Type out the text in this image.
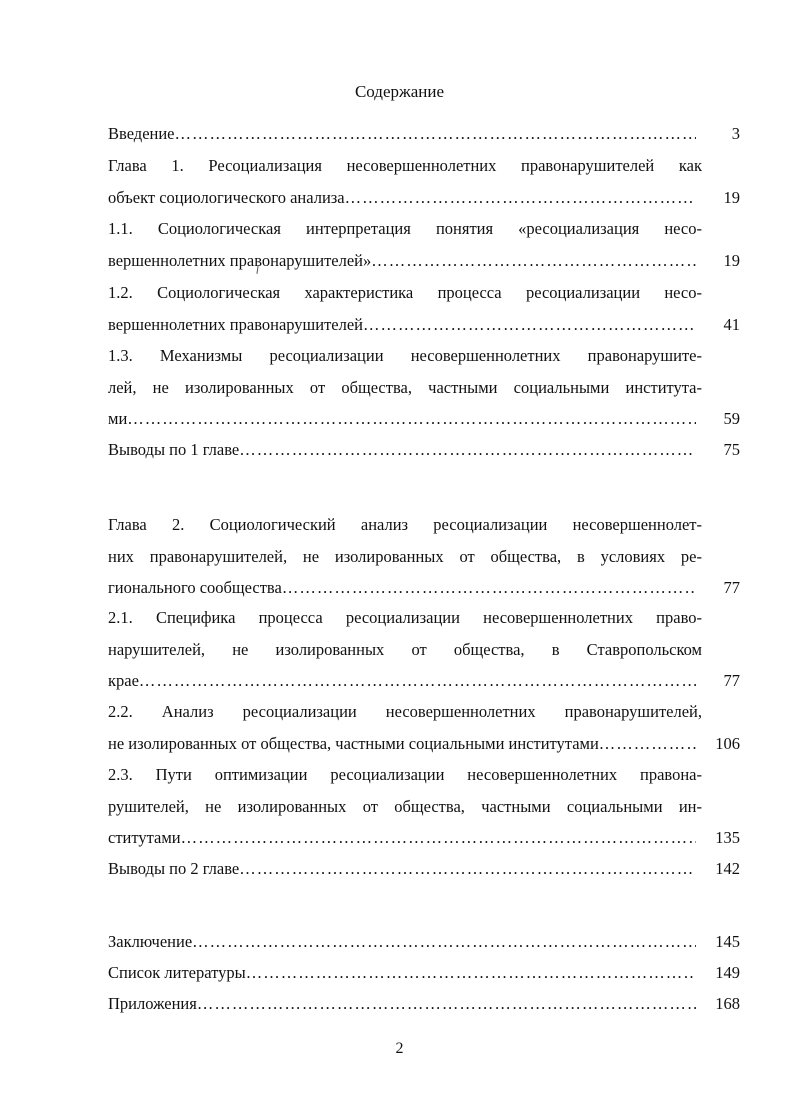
Содержание
Введение …………………………………………………………………………………………………………………………………………………………………………………………	3
Глава 1. Ресоциализация несовершеннолетних правонарушителей как
объект социологического анализа …………………………………………………………………………………………………………………………………………………………………………………………	19
1.1. Социологическая интерпретация понятия «ресоциализация несо-
вершеннолетних правонарушителей» …………………………………………………………………………………………………………………………………………………………………………………………	19
1.2. Социологическая характеристика процесса ресоциализации несо-
вершеннолетних правонарушителей …………………………………………………………………………………………………………………………………………………………………………………………	41
1.3. Механизмы ресоциализации несовершеннолетних правонарушите-
лей, не изолированных от общества, частными социальными института-
ми …………………………………………………………………………………………………………………………………………………………………………………………	59
Выводы по 1 главе …………………………………………………………………………………………………………………………………………………………………………………………	75
Глава 2. Социологический анализ ресоциализации несовершеннолет-
них правонарушителей, не изолированных от общества, в условиях ре-
гионального сообщества …………………………………………………………………………………………………………………………………………………………………………………………	77
2.1. Специфика процесса ресоциализации несовершеннолетних право-
нарушителей, не изолированных от общества, в Ставропольском
крае …………………………………………………………………………………………………………………………………………………………………………………………	77
2.2. Анализ ресоциализации несовершеннолетних правонарушителей,
не изолированных от общества, частными социальными институтами …………………………………………………………………………………………………………………………………………………………………………………………	106
2.3. Пути оптимизации ресоциализации несовершеннолетних правона-
рушителей, не изолированных от общества, частными социальными ин-
ститутами …………………………………………………………………………………………………………………………………………………………………………………………	135
Выводы по 2 главе …………………………………………………………………………………………………………………………………………………………………………………………	142
Заключение …………………………………………………………………………………………………………………………………………………………………………………………	145
Список литературы …………………………………………………………………………………………………………………………………………………………………………………………	149
Приложения …………………………………………………………………………………………………………………………………………………………………………………………	168
2
